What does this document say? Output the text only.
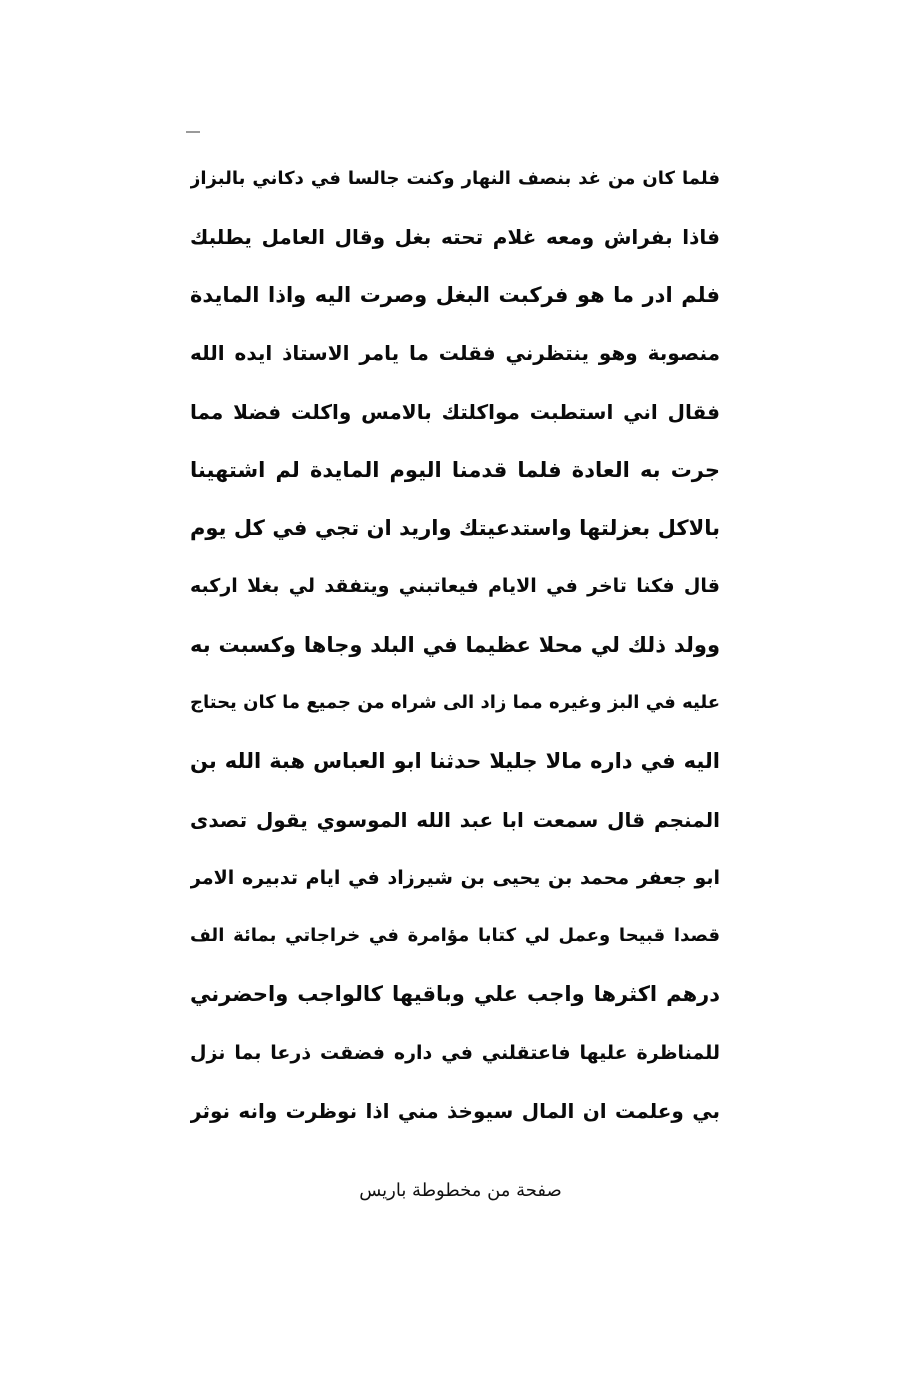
فلما كان من غد بنصف النهار وكنت جالسا في دكاني بالبزاز
فاذا بفراش ومعه غلام تحته بغل وقال العامل يطلبك
فلم ادر ما هو فركبت البغل وصرت اليه واذا المايدة
منصوبة وهو ينتظرني فقلت ما يامر الاستاذ ايده الله
فقال اني استطبت مواكلتك بالامس واكلت فضلا مما
جرت به العادة فلما قدمنا اليوم المايدة لم اشتهينا
بالاكل بعزلتها واستدعيتك واريد ان تجي في كل يوم
قال فكنا تاخر في الايام فيعاتبني ويتفقد لي بغلا اركبه
وولد ذلك لي محلا عظيما في البلد وجاها وكسبت به
عليه في البز وغيره مما زاد الى شراه من جميع ما كان يحتاج
اليه في داره مالا جليلا حدثنا ابو العباس هبة الله بن
المنجم قال سمعت ابا عبد الله الموسوي يقول تصدى
ابو جعفر محمد بن يحيى بن شيرزاد في ايام تدبيره الامر
قصدا قبيحا وعمل لي كتابا مؤامرة في خراجاتي بمائة الف
درهم اكثرها واجب علي وباقيها كالواجب واحضرني
للمناظرة عليها فاعتقلني في داره فضقت ذرعا بما نزل
بي وعلمت ان المال سيوخذ مني اذا نوظرت وانه نوثر
صفحة من مخطوطة باريس
